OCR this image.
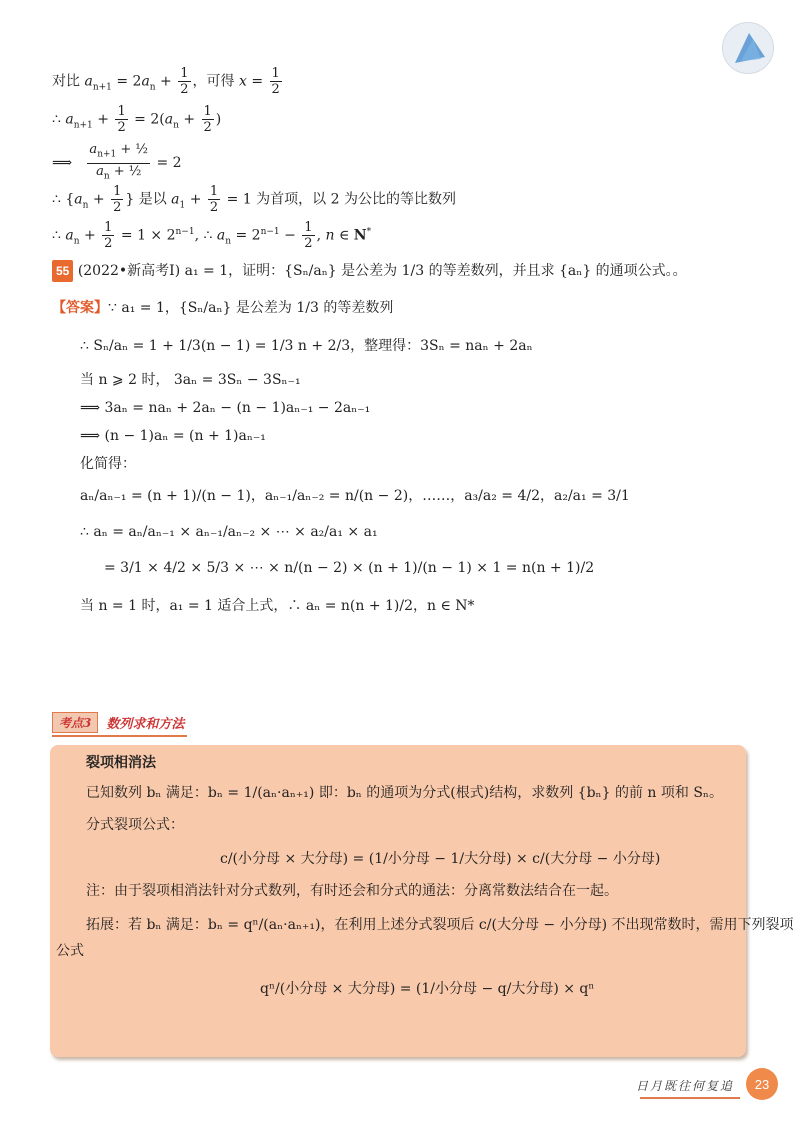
对比 $a_{n+1} = 2a_n + \frac{1}{2}$ ，可得 $x = \frac{1}{2}$
∴ $a_{n+1} + \frac{1}{2} = 2(a_n + \frac{1}{2}$ )
⟹ $\frac{a_{n+1} + \frac{1}{2}}{a_n + \frac{1}{2}} = 2$
∴ {$a_n + \frac{1}{2}$ } 是以 $a_1 + \frac{1}{2} = 1$ 为首项，以 2 为公比的等比数列
∴ $a_n + \frac{1}{2} = 1 \times 2^{n-1}$, ∴ $a_n = 2^{n-1} - \frac{1}{2}$ , n ∈ N*
55 (2022•新高考Ⅰ) a₁ = 1，证明：{Sₙ/aₙ} 是公差为 1/3 的等差数列，并且求 {aₙ} 的通项公式。。
【答案】∵ a₁ = 1，{Sₙ/aₙ} 是公差为 1/3 的等差数列
∴ Sₙ/aₙ = 1 + 1/3(n − 1) = 1/3 n + 2/3，整理得：3Sₙ = naₙ + 2aₙ
当 n ⩾ 2 时， 3aₙ = 3Sₙ − 3Sₙ₋₁
⟹ 3aₙ = naₙ + 2aₙ − (n − 1)aₙ₋₁ − 2aₙ₋₁
⟹ (n − 1)aₙ = (n + 1)aₙ₋₁
化简得：
aₙ/aₙ₋₁ = (n + 1)/(n − 1)，aₙ₋₁/aₙ₋₂ = n/(n − 2)，……，a₃/a₂ = 4/2，a₂/a₁ = 3/1
∴ aₙ = aₙ/aₙ₋₁ × aₙ₋₁/aₙ₋₂ × ⋯ × a₂/a₁ × a₁
= 3/1 × 4/2 × 5/3 × ⋯ × n/(n − 2) × (n + 1)/(n − 1) × 1 = n(n + 1)/2
当 n = 1 时，a₁ = 1 适合上式，∴ aₙ = n(n + 1)/2，n ∈ N*
考点3	数列求和方法
裂项相消法
已知数列 bₙ 满足：bₙ = 1/(aₙ·aₙ₊₁) 即：bₙ 的通项为分式(根式)结构，求数列 {bₙ} 的前 n 项和 Sₙ。
分式裂项公式：
c/(小分母 × 大分母) = (1/小分母 − 1/大分母) × c/(大分母 − 小分母)
注：由于裂项相消法针对分式数列，有时还会和分式的通法：分离常数法结合在一起。
拓展：若 bₙ 满足：bₙ = qⁿ/(aₙ·aₙ₊₁)，在利用上述分式裂项后 c/(大分母 − 小分母) 不出现常数时，需用下列裂项
公式
qⁿ/(小分母 × 大分母) = (1/小分母 − q/大分母) × qⁿ
日月既往何复追	23
